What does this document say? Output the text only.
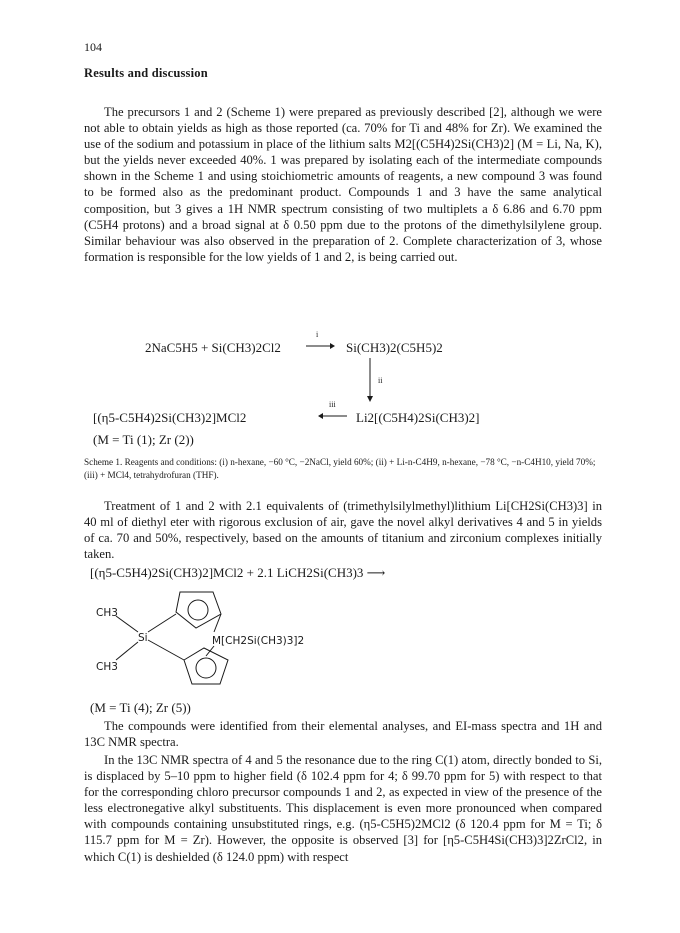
104
Results and discussion

The precursors 1 and 2 (Scheme 1) were prepared as previously described [2], although we were not able to obtain yields as high as those reported (ca. 70% for Ti and 48% for Zr). We examined the use of the sodium and potassium in place of the lithium salts M2[(C5H4)2Si(CH3)2] (M = Li, Na, K), but the yields never exceeded 40%. 1 was prepared by isolating each of the intermediate compounds shown in the Scheme 1 and using stoichiometric amounts of reagents, a new compound 3 was found to be formed also as the predominant product. Compounds 1 and 3 have the same analytical composition, but 3 gives a 1H NMR spectrum consisting of two multiplets a δ 6.86 and 6.70 ppm (C5H4 protons) and a broad signal at δ 0.50 ppm due to the protons of the dimethylsilylene group. Similar behaviour was also observed in the preparation of 2. Complete characterization of 3, whose formation is responsible for the low yields of 1 and 2, is being carried out.

2NaC5H5 + Si(CH3)2Cl2
i
Si(CH3)2(C5H5)2
ii
[(η5-C5H4)2Si(CH3)2]MCl2
iii
Li2[(C5H4)2Si(CH3)2]
(M = Ti (1); Zr (2))

Scheme 1. Reagents and conditions: (i) n-hexane, −60 °C, −2NaCl, yield 60%; (ii) + Li-n-C4H9, n-hexane, −78 °C, −n-C4H10, yield 70%; (iii) + MCl4, tetrahydrofuran (THF).

Treatment of 1 and 2 with 2.1 equivalents of (trimethylsilylmethyl)lithium Li[CH2Si(CH3)3] in 40 ml of diethyl eter with rigorous exclusion of air, gave the novel alkyl derivatives 4 and 5 in yields of ca. 70 and 50%, respectively, based on the amounts of titanium and zirconium complexes initially taken.

[(η5-C5H4)2Si(CH3)2]MCl2 + 2.1 LiCH2Si(CH3)3 ⟶
CH3
Si
CH3
M[CH2Si(CH3)3]2
(M = Ti (4); Zr (5))

The compounds were identified from their elemental analyses, and EI-mass spectra and 1H and 13C NMR spectra.

In the 13C NMR spectra of 4 and 5 the resonance due to the ring C(1) atom, directly bonded to Si, is displaced by 5–10 ppm to higher field (δ 102.4 ppm for 4; δ 99.70 ppm for 5) with respect to that for the corresponding chloro precursor compounds 1 and 2, as expected in view of the presence of the less electronegative alkyl substituents. This displacement is even more pronounced when compared with compounds containing unsubstituted rings, e.g. (η5-C5H5)2MCl2 (δ 120.4 ppm for M = Ti; δ 115.7 ppm for M = Zr). However, the opposite is observed [3] for [η5-C5H4Si(CH3)3]2ZrCl2, in which C(1) is deshielded (δ 124.0 ppm) with respect
